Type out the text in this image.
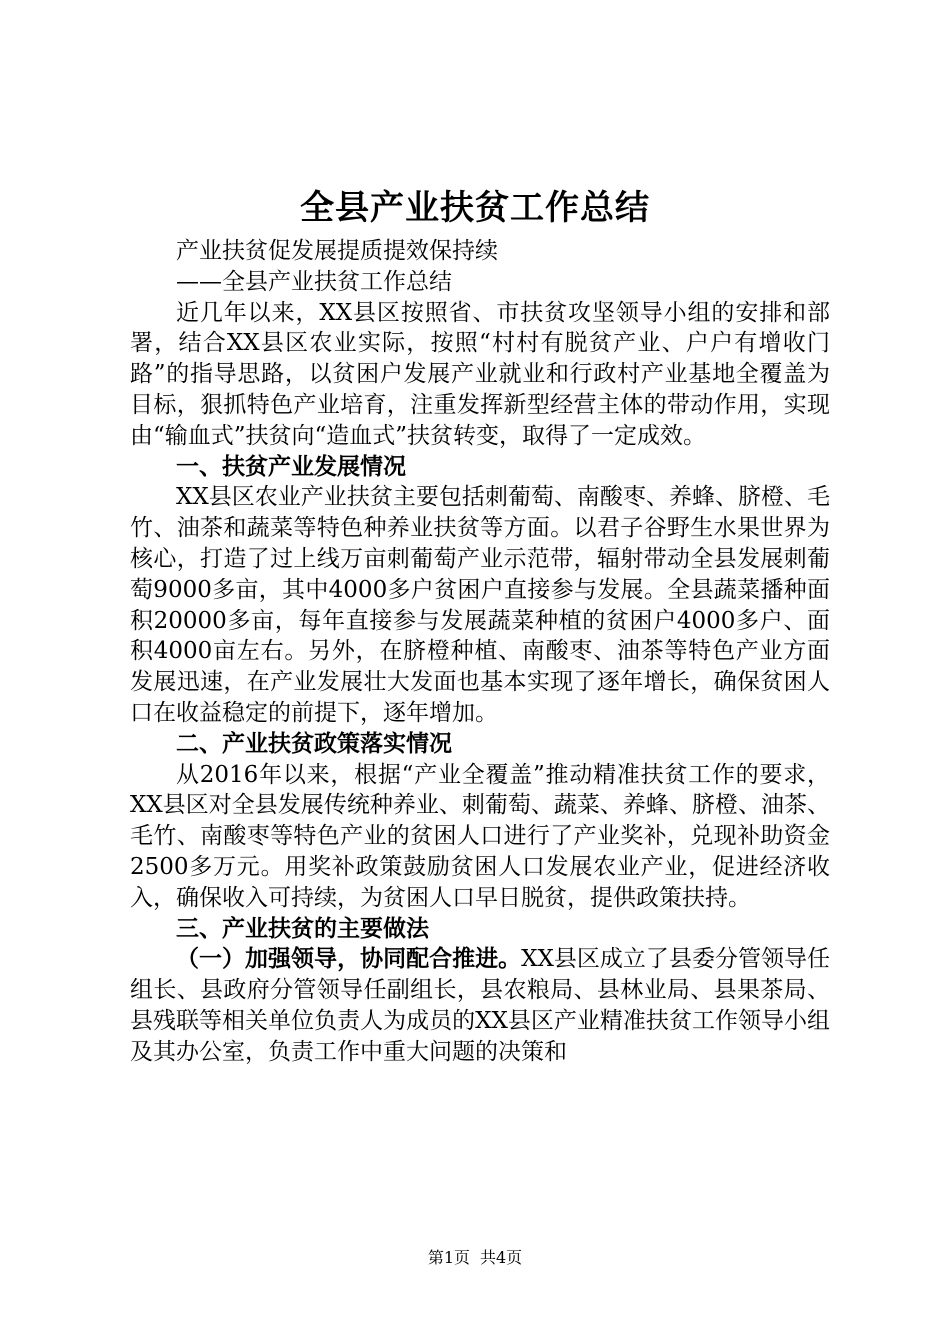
全县产业扶贫工作总结

产业扶贫促发展提质提效保持续

——全县产业扶贫工作总结

近几年以来，XX县区按照省、市扶贫攻坚领导小组的安排和部署，结合XX县区农业实际，按照“村村有脱贫产业、户户有增收门路”的指导思路，以贫困户发展产业就业和行政村产业基地全覆盖为目标，狠抓特色产业培育，注重发挥新型经营主体的带动作用，实现由“输血式”扶贫向“造血式”扶贫转变，取得了一定成效。

一、扶贫产业发展情况

XX县区农业产业扶贫主要包括刺葡萄、南酸枣、养蜂、脐橙、毛竹、油茶和蔬菜等特色种养业扶贫等方面。以君子谷野生水果世界为核心，打造了过上线万亩刺葡萄产业示范带，辐射带动全县发展刺葡萄9000多亩，其中4000多户贫困户直接参与发展。全县蔬菜播种面积20000多亩，每年直接参与发展蔬菜种植的贫困户4000多户、面积4000亩左右。另外，在脐橙种植、南酸枣、油茶等特色产业方面发展迅速，在产业发展壮大发面也基本实现了逐年增长，确保贫困人口在收益稳定的前提下，逐年增加。

二、产业扶贫政策落实情况

从2016年以来，根据“产业全覆盖”推动精准扶贫工作的要求，XX县区对全县发展传统种养业、刺葡萄、蔬菜、养蜂、脐橙、油茶、毛竹、南酸枣等特色产业的贫困人口进行了产业奖补，兑现补助资金2500多万元。用奖补政策鼓励贫困人口发展农业产业，促进经济收入，确保收入可持续，为贫困人口早日脱贫，提供政策扶持。

三、产业扶贫的主要做法

（一）加强领导，协同配合推进。XX县区成立了县委分管领导任组长、县政府分管领导任副组长，县农粮局、县林业局、县果茶局、县残联等相关单位负责人为成员的XX县区产业精准扶贫工作领导小组及其办公室，负责工作中重大问题的决策和

第1页 共4页
